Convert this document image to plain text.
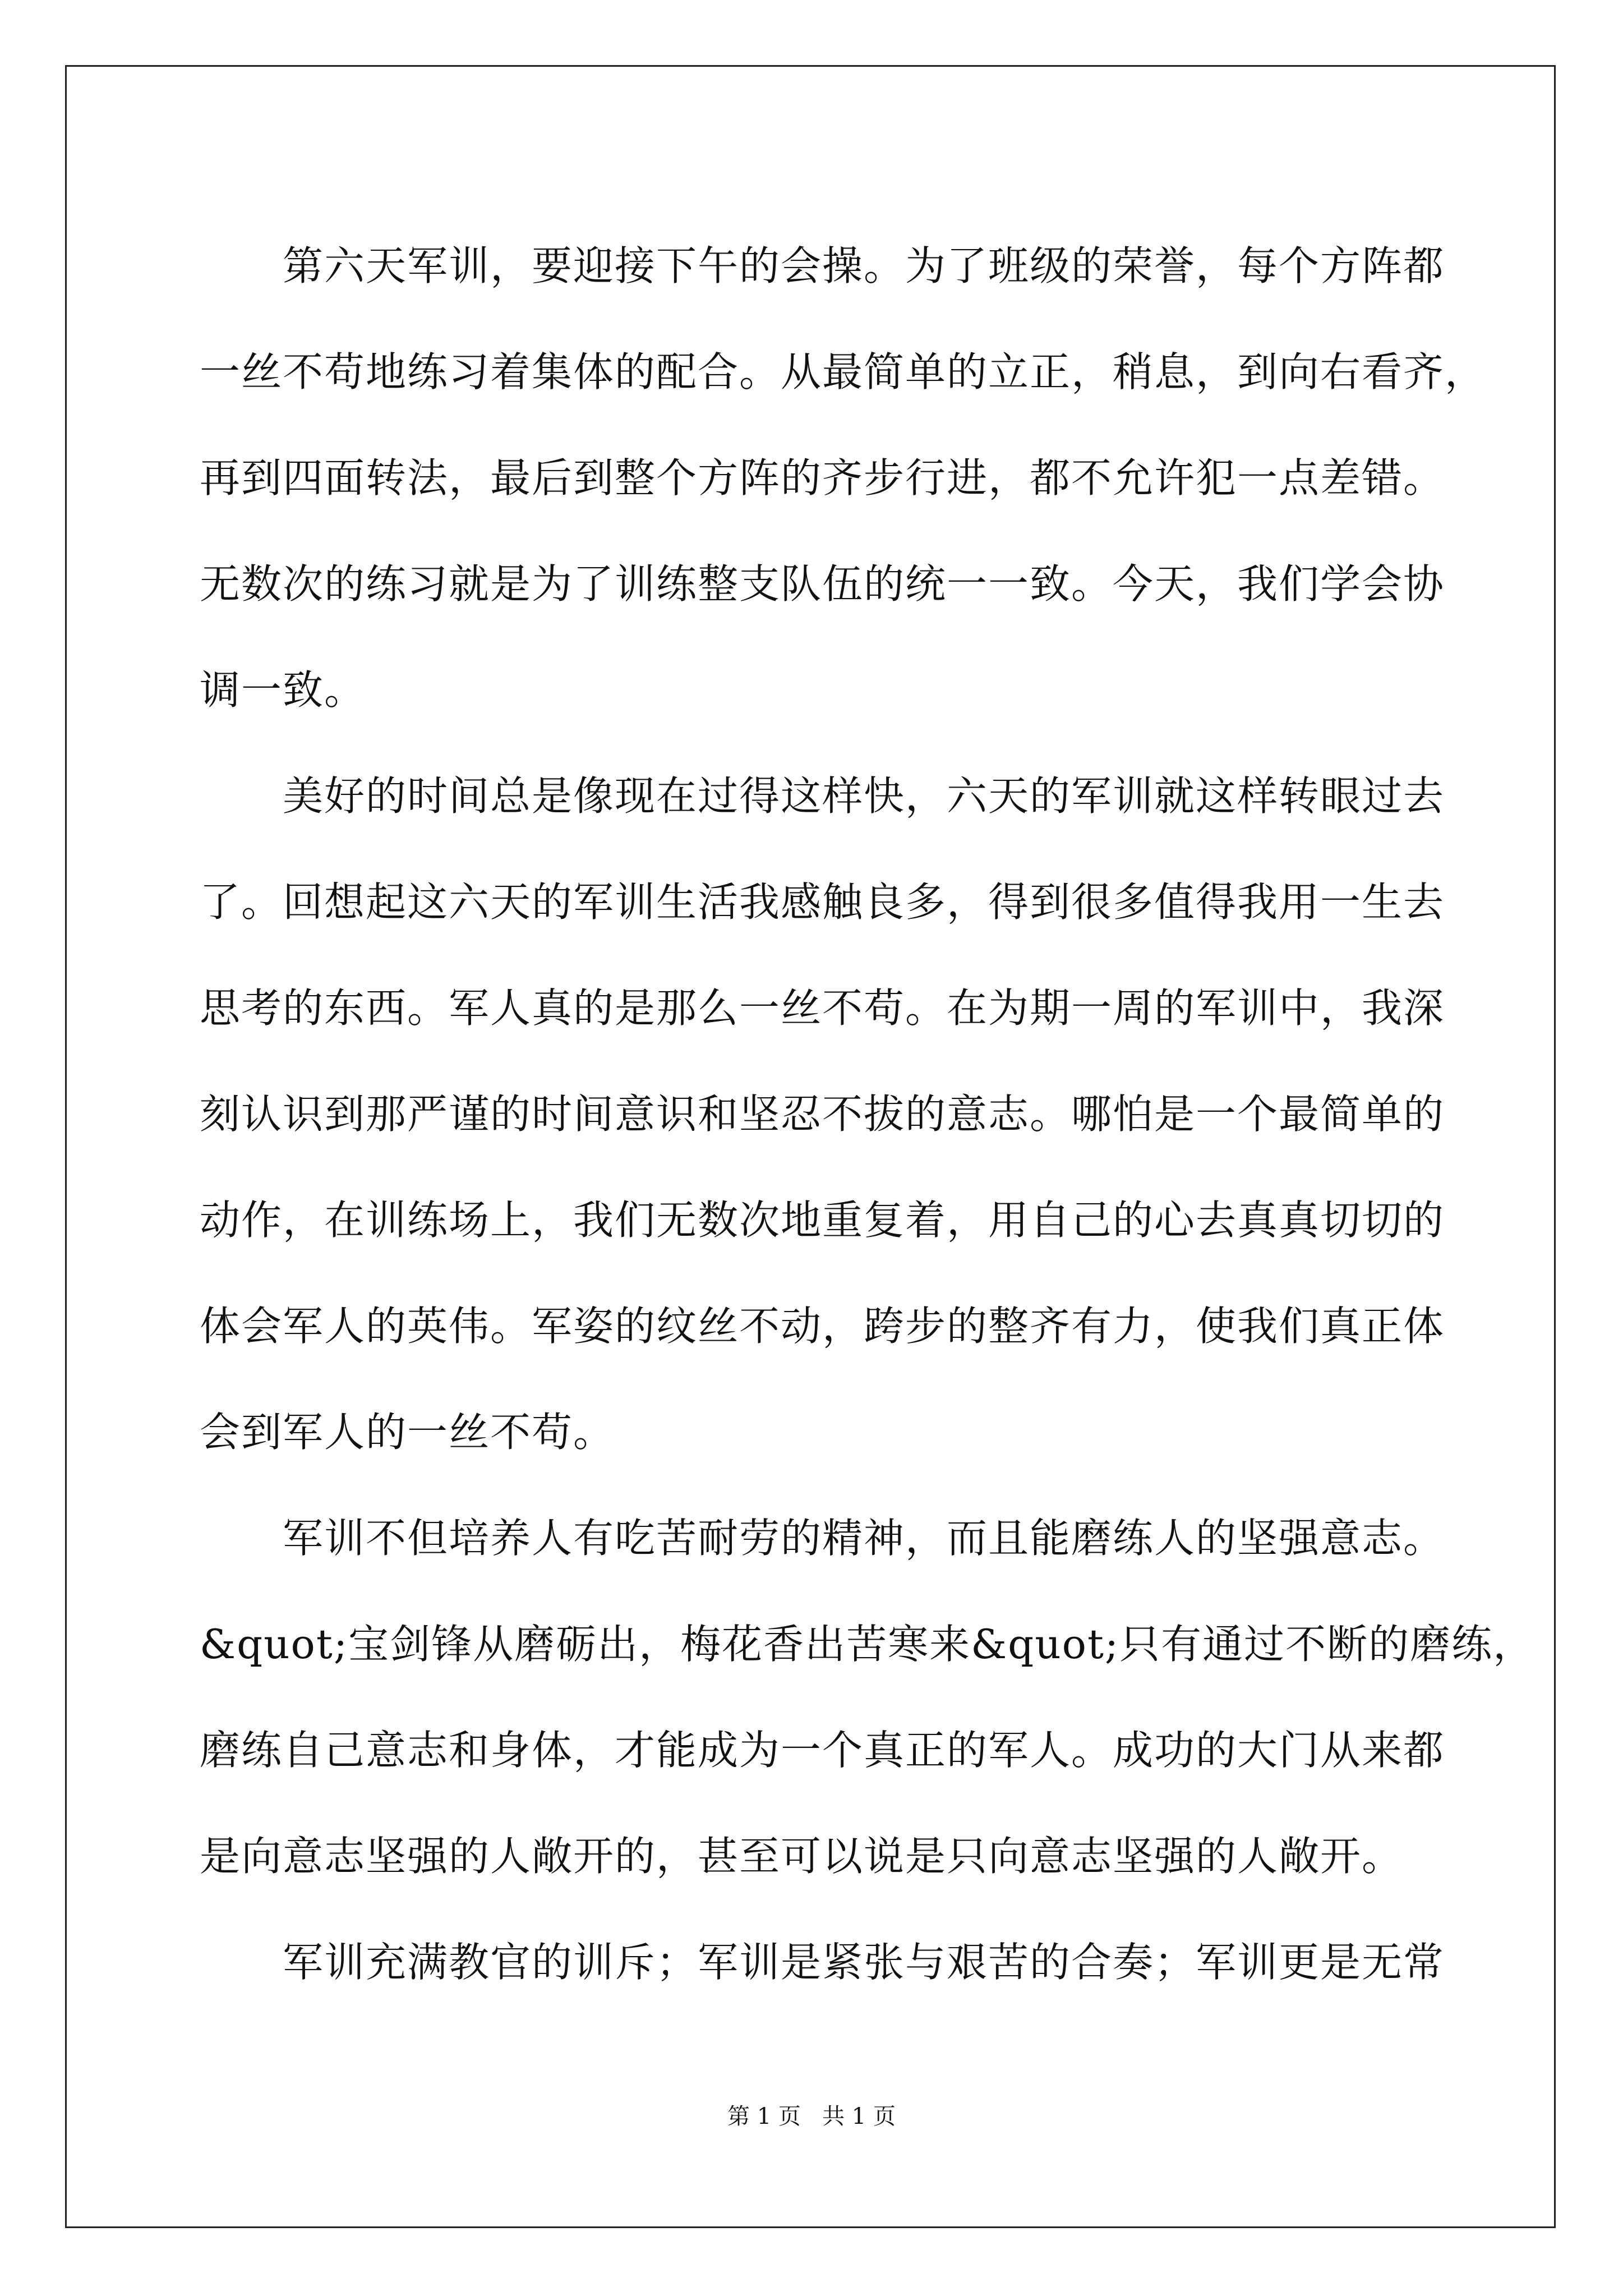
第六天军训，要迎接下午的会操。为了班级的荣誉，每个方阵都
一丝不苟地练习着集体的配合。从最简单的立正，稍息，到向右看齐，
再到四面转法，最后到整个方阵的齐步行进，都不允许犯一点差错。
无数次的练习就是为了训练整支队伍的统一一致。今天，我们学会协
调一致。
美好的时间总是像现在过得这样快，六天的军训就这样转眼过去
了。回想起这六天的军训生活我感触良多，得到很多值得我用一生去
思考的东西。军人真的是那么一丝不苟。在为期一周的军训中，我深
刻认识到那严谨的时间意识和坚忍不拔的意志。哪怕是一个最简单的
动作，在训练场上，我们无数次地重复着，用自己的心去真真切切的
体会军人的英伟。军姿的纹丝不动，跨步的整齐有力，使我们真正体
会到军人的一丝不苟。
军训不但培养人有吃苦耐劳的精神，而且能磨练人的坚强意志。
&quot;宝剑锋从磨砺出，梅花香出苦寒来&quot;只有通过不断的磨练，
磨练自己意志和身体，才能成为一个真正的军人。成功的大门从来都
是向意志坚强的人敞开的，甚至可以说是只向意志坚强的人敞开。
军训充满教官的训斥；军训是紧张与艰苦的合奏；军训更是无常
第 1 页   共 1 页
